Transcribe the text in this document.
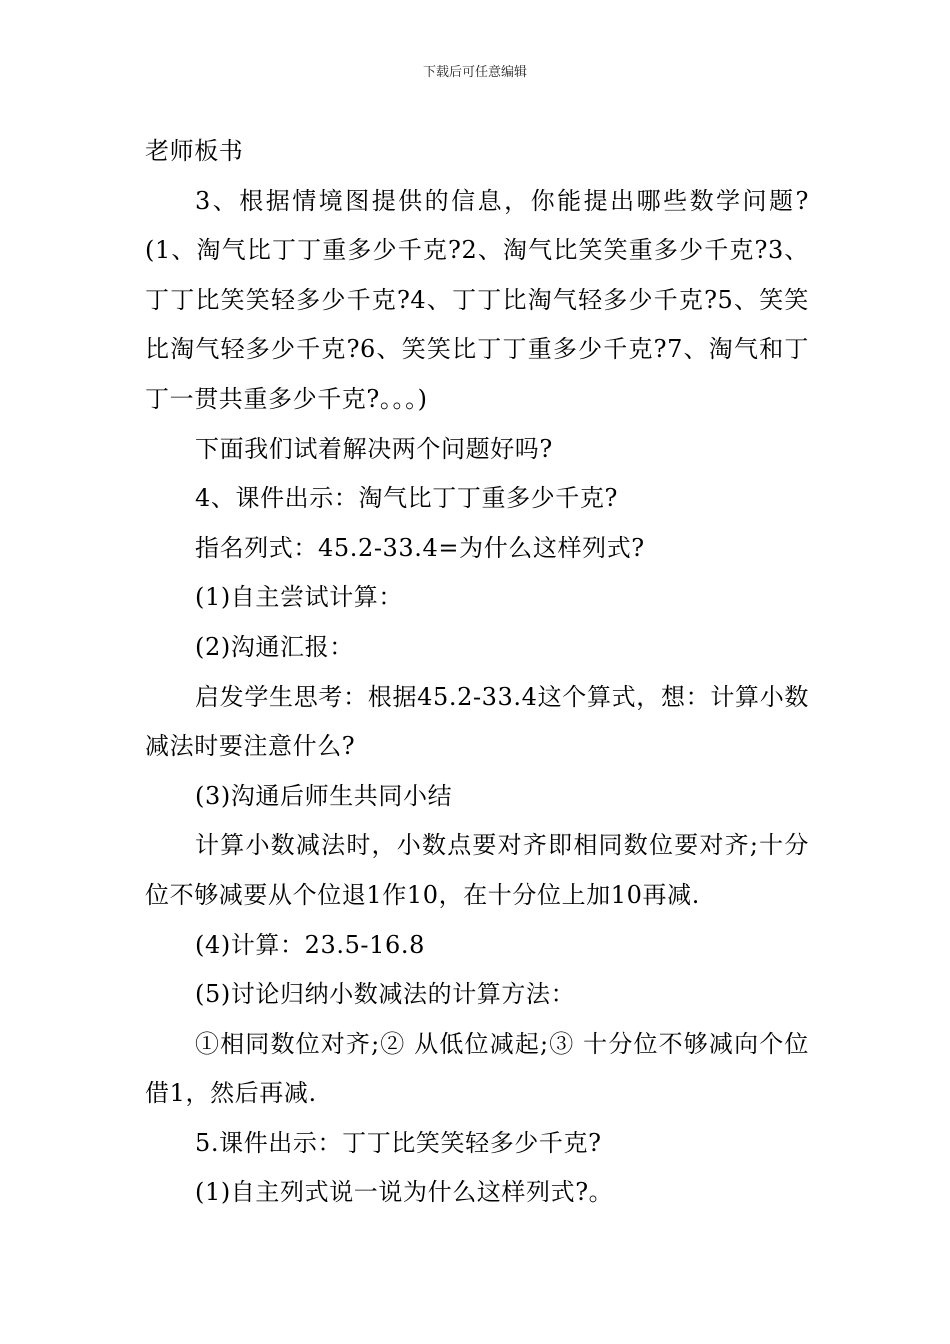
下载后可任意编辑

老师板书

3、根据情境图提供的信息，你能提出哪些数学问题?(1、淘气比丁丁重多少千克?2、淘气比笑笑重多少千克?3、丁丁比笑笑轻多少千克?4、丁丁比淘气轻多少千克?5、笑笑比淘气轻多少千克?6、笑笑比丁丁重多少千克?7、淘气和丁丁一贯共重多少千克?。。。)

下面我们试着解决两个问题好吗?

4、课件出示：淘气比丁丁重多少千克?

指名列式：45.2-33.4=为什么这样列式?

(1)自主尝试计算：

(2)沟通汇报：

启发学生思考：根据45.2-33.4这个算式，想：计算小数减法时要注意什么?

(3)沟通后师生共同小结

计算小数减法时，小数点要对齐即相同数位要对齐;十分位不够减要从个位退1作10，在十分位上加10再减.

(4)计算：23.5-16.8

(5)讨论归纳小数减法的计算方法：

①相同数位对齐;② 从低位减起;③ 十分位不够减向个位借1，然后再减.

5.课件出示：丁丁比笑笑轻多少千克?

(1)自主列式说一说为什么这样列式?。
